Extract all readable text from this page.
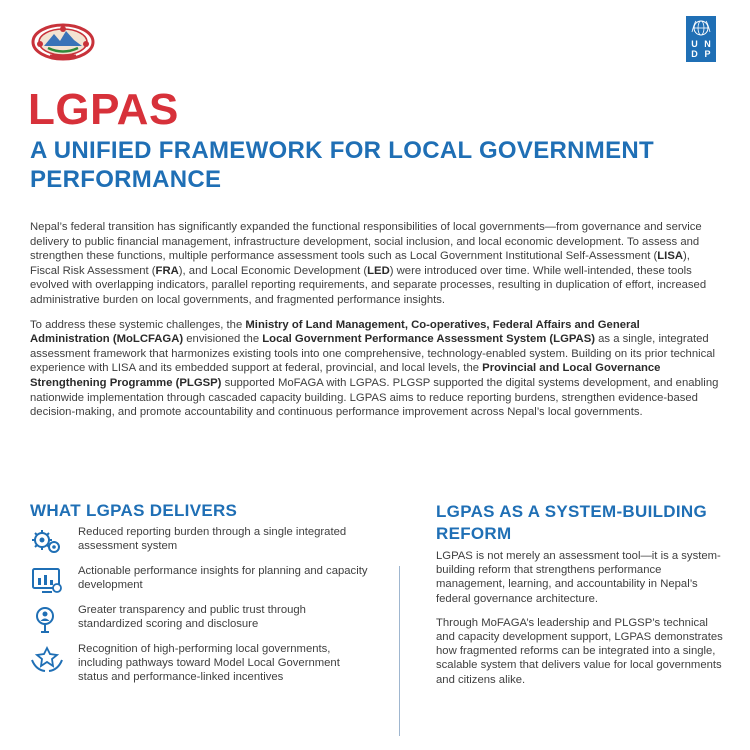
U N
D P
LGPAS
A UNIFIED FRAMEWORK FOR LOCAL GOVERNMENT PERFORMANCE

Nepal’s federal transition has significantly expanded the functional responsibilities of local governments—from governance and service delivery to public financial management, infrastructure development, social inclusion, and local economic development. To assess and strengthen these functions, multiple performance assessment tools such as Local Government Institutional Self-Assessment (LISA), Fiscal Risk Assessment (FRA), and Local Economic Development (LED) were introduced over time. While well-intended, these tools evolved with overlapping indicators, parallel reporting requirements, and separate processes, resulting in duplication of effort, increased administrative burden on local governments, and fragmented performance insights.

To address these systemic challenges, the Ministry of Land Management, Co-operatives, Federal Affairs and General Administration (MoLCFAGA) envisioned the Local Government Performance Assessment System (LGPAS) as a single, integrated assessment framework that harmonizes existing tools into one comprehensive, technology-enabled system. Building on its prior technical experience with LISA and its embedded support at federal, provincial, and local levels, the Provincial and Local Governance Strengthening Programme (PLGSP) supported MoFAGA with LGPAS. PLGSP supported the digital systems development, and enabling nationwide implementation through cascaded capacity building. LGPAS aims to reduce reporting burdens, strengthen evidence-based decision-making, and promote accountability and continuous performance improvement across Nepal’s local governments.

WHAT LGPAS DELIVERS
Reduced reporting burden through a single integrated assessment system
Actionable performance insights for planning and capacity development
Greater transparency and public trust through standardized scoring and disclosure
Recognition of high-performing local governments, including pathways toward Model Local Government status and performance-linked incentives
LGPAS AS A SYSTEM-BUILDING REFORM

LGPAS is not merely an assessment tool—it is a system-building reform that strengthens performance management, learning, and accountability in Nepal’s federal governance architecture.

Through MoFAGA’s leadership and PLGSP’s technical and capacity development support, LGPAS demonstrates how fragmented reforms can be integrated into a single, scalable system that delivers value for local governments and citizens alike.
